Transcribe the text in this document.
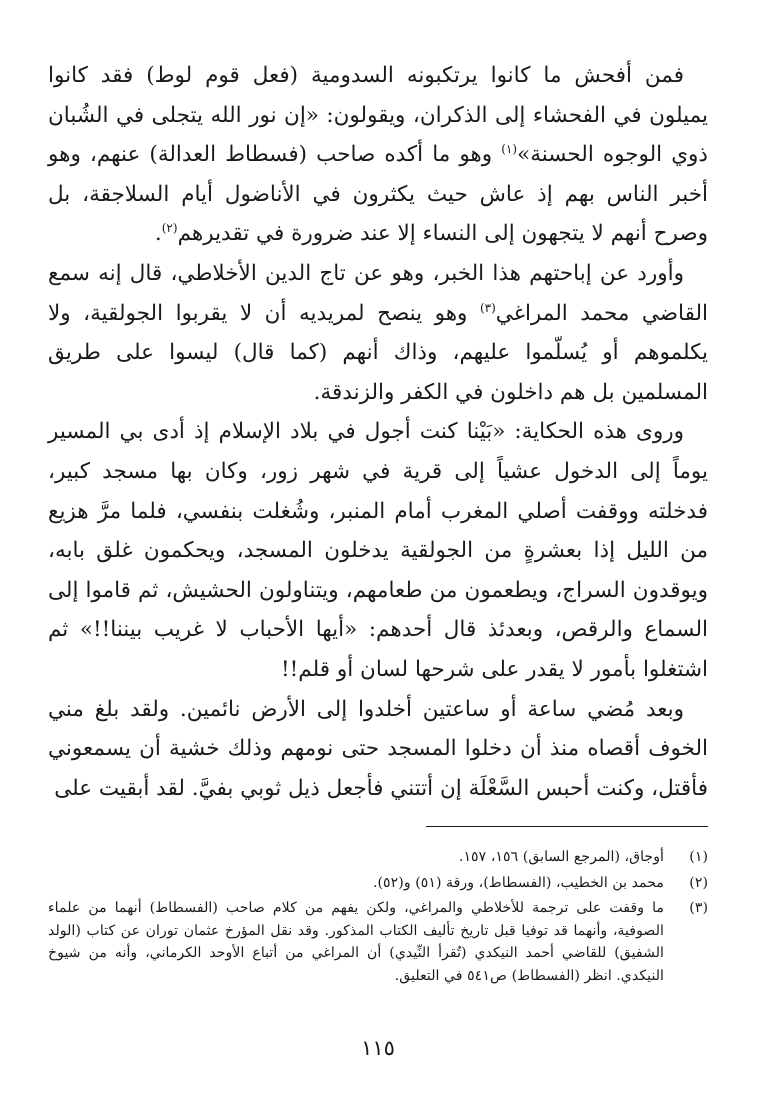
فمن أفحش ما كانوا يرتكبونه السدومية (فعل قوم لوط) فقد كانوا يميلون في الفحشاء إلى الذكران، ويقولون: «إن نور الله يتجلى في الشُبان ذوي الوجوه الحسنة»$^{(١)}$ وهو ما أكده صاحب (فسطاط العدالة) عنهم، وهو أخبر الناس بهم إذ عاش حيث يكثرون في الأناضول أيام السلاجقة، بل وصرح أنهم لا يتجهون إلى النساء إلا عند ضرورة في تقديرهم$^{(٢)}$.

وأورد عن إباحتهم هذا الخبر، وهو عن تاج الدين الأخلاطي، قال إنه سمع القاضي محمد المراغي$^{(٣)}$ وهو ينصح لمريديه أن لا يقربوا الجولقية، ولا يكلموهم أو يُسلّموا عليهم، وذاك أنهم (كما قال) ليسوا على طريق المسلمين بل هم داخلون في الكفر والزندقة.

وروى هذه الحكاية: «بَيْنا كنت أجول في بلاد الإسلام إذ أدى بي المسير يوماً إلى الدخول عشياً إلى قرية في شهر زور، وكان بها مسجد كبير، فدخلته ووقفت أصلي المغرب أمام المنبر، وشُغلت بنفسي، فلما مرَّ هزيع من الليل إذا بعشرةٍ من الجولقية يدخلون المسجد، ويحكمون غلق بابه، ويوقدون السراج، ويطعمون من طعامهم، ويتناولون الحشيش، ثم قاموا إلى السماع والرقص، وبعدئذ قال أحدهم: «أيها الأحباب لا غريب بيننا!!» ثم اشتغلوا بأمور لا يقدر على شرحها لسان أو قلم!!

وبعد مُضي ساعة أو ساعتين أخلدوا إلى الأرض نائمين. ولقد بلغ مني الخوف أقصاه منذ أن دخلوا المسجد حتى نومهم وذلك خشية أن يسمعوني فأقتل، وكنت أحبس السَّعْلَة إن أتتني فأجعل ذيل ثوبي بفيَّ. لقد أبقيت على

(١)
أوجاق، (المرجع السابق) ١٥٦، ١٥٧.
(٢)
محمد بن الخطيب، (الفسطاط)، ورقة (٥١) و(٥٢).
(٣)
ما وقفت على ترجمة للأخلاطي والمراغي، ولكن يفهم من كلام صاحب (الفسطاط) أنهما من علماء الصوفية، وأنهما قد توفيا قبل تاريخ تأليف الكتاب المذكور. وقد نقل المؤرخ عثمان توران عن كتاب (الولد الشفيق) للقاضي أحمد النيكدي (تُقرأ النِّيدي) أن المراغي من أتباع الأوحد الكرماني، وأنه من شيوخ النيكدي. انظر (الفسطاط) ص٥٤١ في التعليق.
١١٥
